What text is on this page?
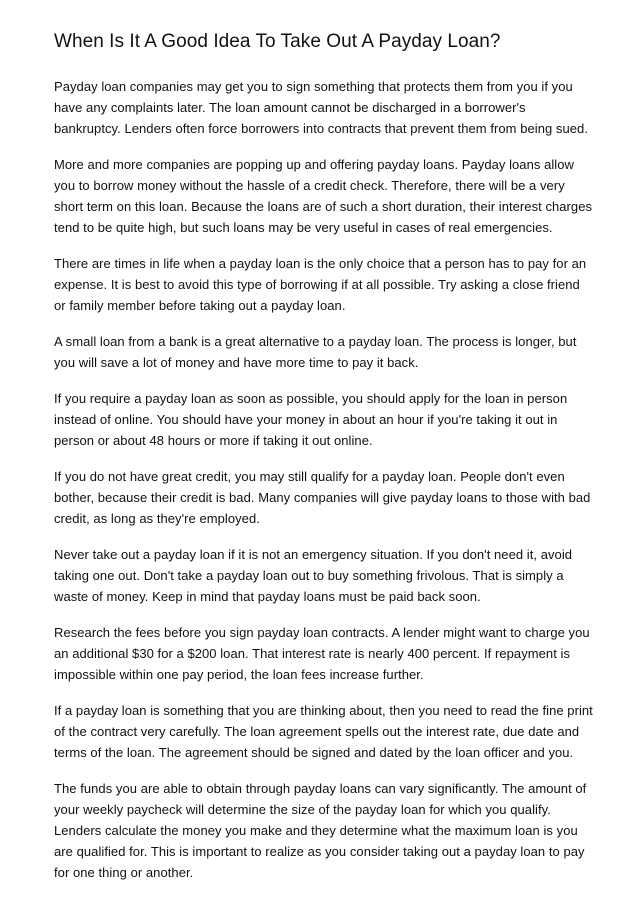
When Is It A Good Idea To Take Out A Payday Loan?

Payday loan companies may get you to sign something that protects them from you if you have any complaints later. The loan amount cannot be discharged in a borrower's bankruptcy. Lenders often force borrowers into contracts that prevent them from being sued.

More and more companies are popping up and offering payday loans. Payday loans allow you to borrow money without the hassle of a credit check. Therefore, there will be a very short term on this loan. Because the loans are of such a short duration, their interest charges tend to be quite high, but such loans may be very useful in cases of real emergencies.

There are times in life when a payday loan is the only choice that a person has to pay for an expense. It is best to avoid this type of borrowing if at all possible. Try asking a close friend or family member before taking out a payday loan.

A small loan from a bank is a great alternative to a payday loan. The process is longer, but you will save a lot of money and have more time to pay it back.

If you require a payday loan as soon as possible, you should apply for the loan in person instead of online. You should have your money in about an hour if you're taking it out in person or about 48 hours or more if taking it out online.

If you do not have great credit, you may still qualify for a payday loan. People don't even bother, because their credit is bad. Many companies will give payday loans to those with bad credit, as long as they're employed.

Never take out a payday loan if it is not an emergency situation. If you don't need it, avoid taking one out. Don't take a payday loan out to buy something frivolous. That is simply a waste of money. Keep in mind that payday loans must be paid back soon.

Research the fees before you sign payday loan contracts. A lender might want to charge you an additional $30 for a $200 loan. That interest rate is nearly 400 percent. If repayment is impossible within one pay period, the loan fees increase further.

If a payday loan is something that you are thinking about, then you need to read the fine print of the contract very carefully. The loan agreement spells out the interest rate, due date and terms of the loan. The agreement should be signed and dated by the loan officer and you.

The funds you are able to obtain through payday loans can vary significantly. The amount of your weekly paycheck will determine the size of the payday loan for which you qualify. Lenders calculate the money you make and they determine what the maximum loan is you are qualified for. This is important to realize as you consider taking out a payday loan to pay for one thing or another.
